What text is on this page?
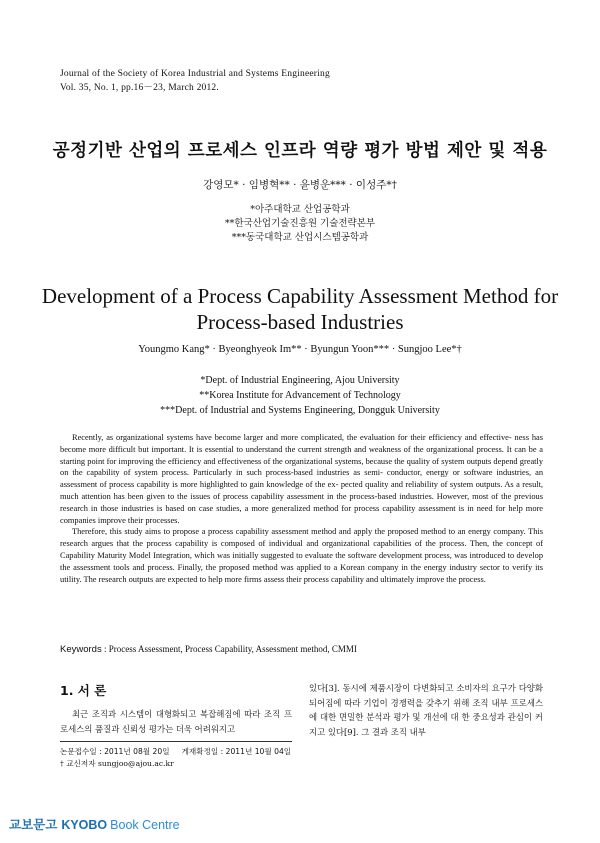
Journal of the Society of Korea Industrial and Systems Engineering
Vol. 35, No. 1, pp.16－23, March 2012.
공정기반 산업의 프로세스 인프라 역량 평가 방법 제안 및 적용
강영모* · 임병혁** · 윤병운*** · 이성주*†
*아주대학교 산업공학과
**한국산업기술진흥원 기술전략본부
***동국대학교 산업시스템공학과
Development of a Process Capability Assessment Method for
Process-based Industries
Youngmo Kang* · Byeonghyeok Im** · Byungun Yoon*** · Sungjoo Lee*†
*Dept. of Industrial Engineering, Ajou University
**Korea Institute for Advancement of Technology
***Dept. of Industrial and Systems Engineering, Dongguk University

Recently, as organizational systems have become larger and more complicated, the evaluation for their efficiency and effective- ness has become more difficult but important. It is essential to understand the current strength and weakness of the organizational process. It can be a starting point for improving the efficiency and effectiveness of the organizational systems, because the quality of system outputs depend greatly on the capability of system process. Particularly in such process-based industries as semi- conductor, energy or software industries, an assessment of process capability is more highlighted to gain knowledge of the ex- pected quality and reliability of system outputs. As a result, much attention has been given to the issues of process capability assessment in the process-based industries. However, most of the previous research in those industries is based on case studies, a more generalized method for process capability assessment is in need for help more companies improve their processes.

Therefore, this study aims to propose a process capability assessment method and apply the proposed method to an energy company. This research argues that the process capability is composed of individual and organizational capabilities of the process. Then, the concept of Capability Maturity Model Integration, which was initially suggested to evaluate the software development process, was introduced to develop the assessment tools and process. Finally, the proposed method was applied to a Korean company in the energy industry sector to verify its utility. The research outputs are expected to help more firms assess their process capability and ultimately improve the process.

Keywords : Process Assessment, Process Capability, Assessment method, CMMI
1. 서 론

최근 조직과 시스템이 대형화되고 복잡해짐에 따라 조직 프로세스의 품질과 신뢰성 평가는 더욱 어려워지고

있다[3]. 동시에 제품시장이 다변화되고 소비자의 요구가 다양화되어짐에 따라 기업이 경쟁력을 갖추기 위해 조직 내부 프로세스에 대한 면밀한 분석과 평가 및 개선에 대 한 중요성과 관심이 커지고 있다[9]. 그 결과 조직 내부

논문접수일 : 2011년 08월 20일 게재확정일 : 2011년 10월 04일
† 교신저자 sungjoo@ajou.ac.kr
교보문고 KYOBO Book Centre
